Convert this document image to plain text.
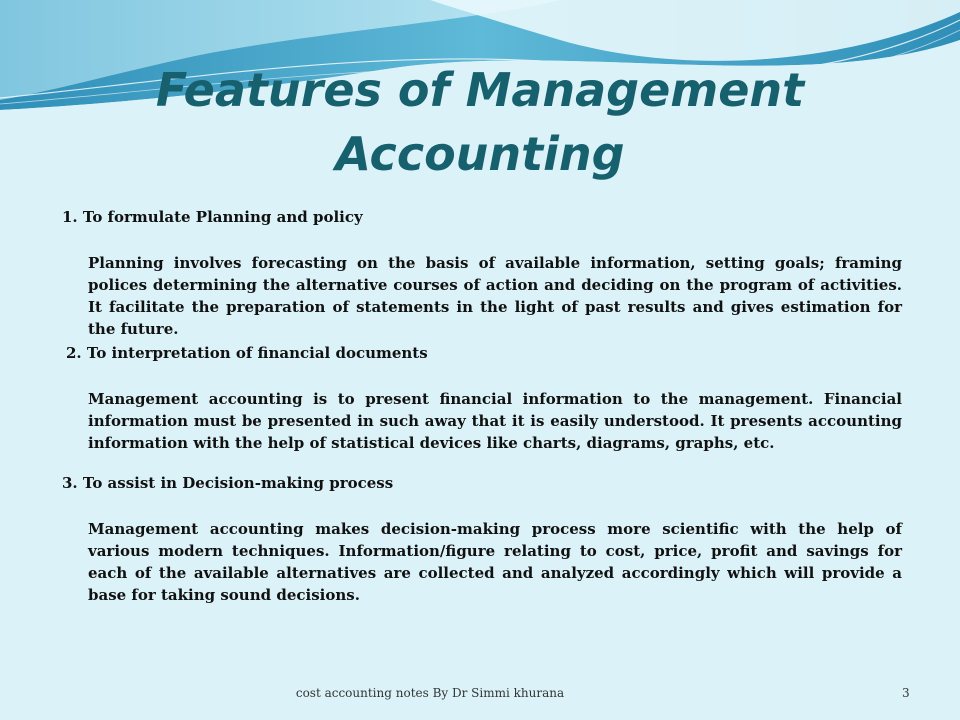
Features of Management
Accounting

1. To formulate Planning and policy

Planning involves forecasting on the basis of available information, setting goals; framing polices determining the alternative courses of action and deciding on the program of activities. It facilitate the preparation of statements in the light of past results and gives estimation for the future.

2. To interpretation of financial documents

Management accounting is to present financial information to the management. Financial information must be presented in such away that it is easily understood. It presents accounting information with the help of statistical devices like charts, diagrams, graphs, etc.

3. To assist in Decision-making process

Management accounting makes decision-making process more scientific with the help of various modern techniques. Information/figure relating to cost, price, profit and savings for each of the available alternatives are collected and analyzed accordingly which will provide a base for taking sound decisions.

cost accounting notes By Dr Simmi khurana	3
